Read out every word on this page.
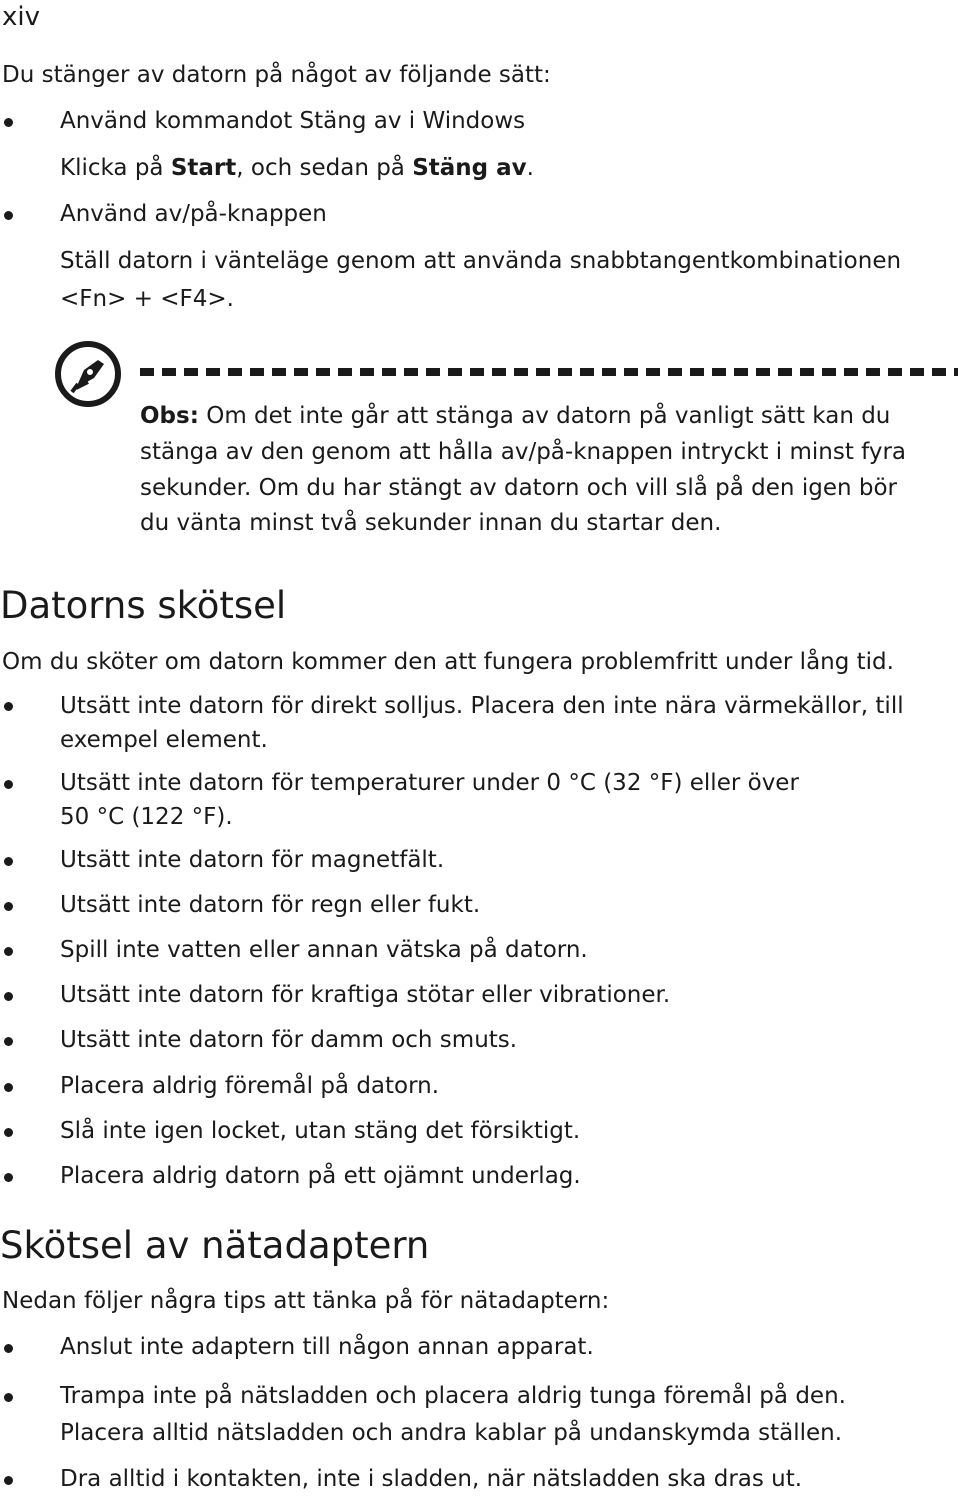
xiv
Du stänger av datorn på något av följande sätt:
Använd kommandot Stäng av i Windows
Klicka på Start, och sedan på Stäng av.
Använd av/på-knappen
Ställ datorn i vänteläge genom att använda snabbtangentkombinationen
<Fn> + <F4>.
Obs: Om det inte går att stänga av datorn på vanligt sätt kan du
stänga av den genom att hålla av/på-knappen intryckt i minst fyra
sekunder. Om du har stängt av datorn och vill slå på den igen bör
du vänta minst två sekunder innan du startar den.
Datorns skötsel
Om du sköter om datorn kommer den att fungera problemfritt under lång tid.
Utsätt inte datorn för direkt solljus. Placera den inte nära värmekällor, till
exempel element.
Utsätt inte datorn för temperaturer under 0 °C (32 °F) eller över
50 °C (122 °F).
Utsätt inte datorn för magnetfält.
Utsätt inte datorn för regn eller fukt.
Spill inte vatten eller annan vätska på datorn.
Utsätt inte datorn för kraftiga stötar eller vibrationer.
Utsätt inte datorn för damm och smuts.
Placera aldrig föremål på datorn.
Slå inte igen locket, utan stäng det försiktigt.
Placera aldrig datorn på ett ojämnt underlag.
Skötsel av nätadaptern
Nedan följer några tips att tänka på för nätadaptern:
Anslut inte adaptern till någon annan apparat.
Trampa inte på nätsladden och placera aldrig tunga föremål på den.
Placera alltid nätsladden och andra kablar på undanskymda ställen.
Dra alltid i kontakten, inte i sladden, när nätsladden ska dras ut.
